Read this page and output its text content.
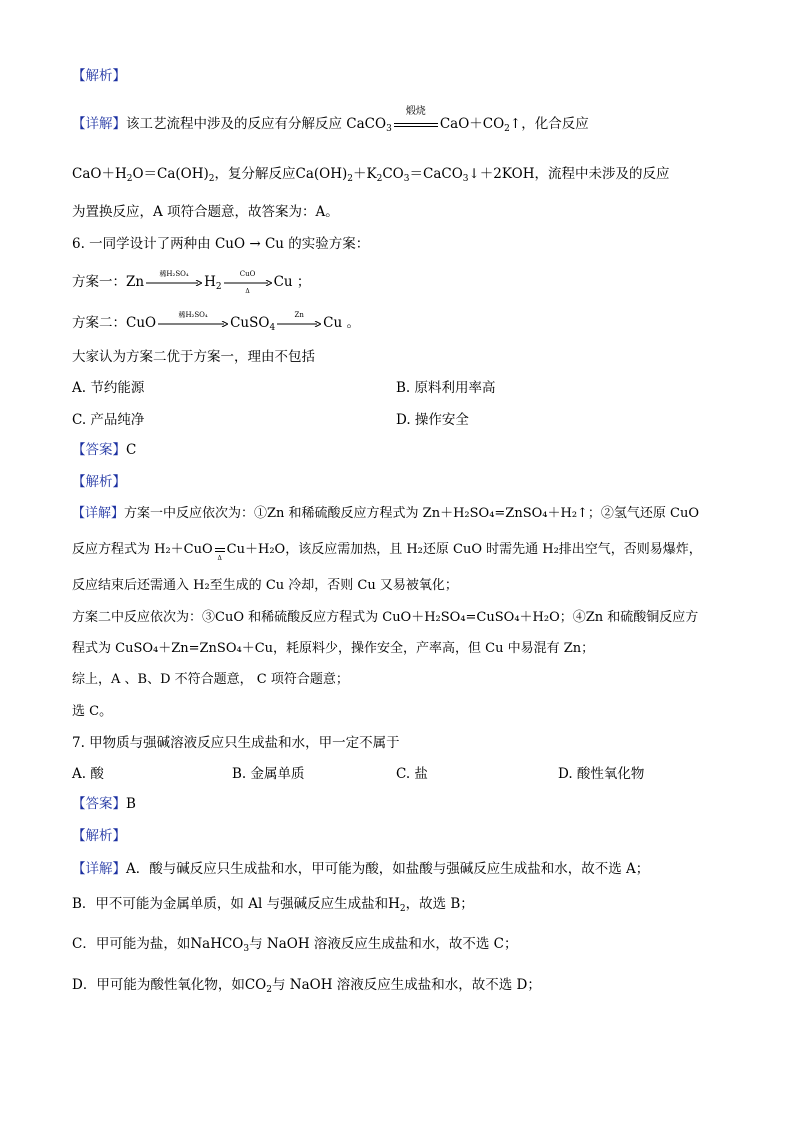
【解析】
【详解】该工艺流程中涉及的反应有分解反应 CaCO$_3$
煅烧
$CaO+CO_2↑$，化合反应
$CaO+H_2O=Ca(OH)_2$，复分解反应$Ca(OH)_2+K_2CO_3=CaCO_3↓+2KOH$，流程中未涉及的反应
为置换反应，A 项符合题意，故答案为：A。
6. 一同学设计了两种由 CuO → Cu 的实验方案：
方案一：Zn
稀H₂SO₄
$H_2$
CuO
Δ
Cu ；
方案二：CuO
稀H₂SO₄
CuSO$_4$
Zn
Cu 。
大家认为方案二优于方案一，理由不包括
A. 节约能源	B. 原料利用率高
C. 产品纯净	D. 操作安全
【答案】C
【解析】
【详解】方案一中反应依次为：①Zn 和稀硫酸反应方程式为 Zn＋H₂SO₄=ZnSO₄＋H₂↑；②氢气还原 CuO
反应方程式为 H₂＋CuO
Δ
Cu＋H₂O，该反应需加热，且 H₂还原 CuO 时需先通 H₂排出空气，否则易爆炸，
反应结束后还需通入 H₂至生成的 Cu 冷却，否则 Cu 又易被氧化；
方案二中反应依次为：③CuO 和稀硫酸反应方程式为 CuO＋H₂SO₄=CuSO₄＋H₂O；④Zn 和硫酸铜反应方
程式为 CuSO₄＋Zn=ZnSO₄＋Cu，耗原料少，操作安全，产率高，但 Cu 中易混有 Zn；
综上，A 、B、D 不符合题意， C 项符合题意；
选 C。
7. 甲物质与强碱溶液反应只生成盐和水，甲一定不属于
A. 酸	B. 金属单质	C. 盐	D. 酸性氧化物
【答案】B
【解析】
【详解】A．酸与碱反应只生成盐和水，甲可能为酸，如盐酸与强碱反应生成盐和水，故不选 A；
B．甲不可能为金属单质，如 Al 与强碱反应生成盐和$H_2$，故选 B；
C．甲可能为盐，如NaHCO$_3$与 NaOH 溶液反应生成盐和水，故不选 C；
D．甲可能为酸性氧化物，如$CO_2$与 NaOH 溶液反应生成盐和水，故不选 D；
